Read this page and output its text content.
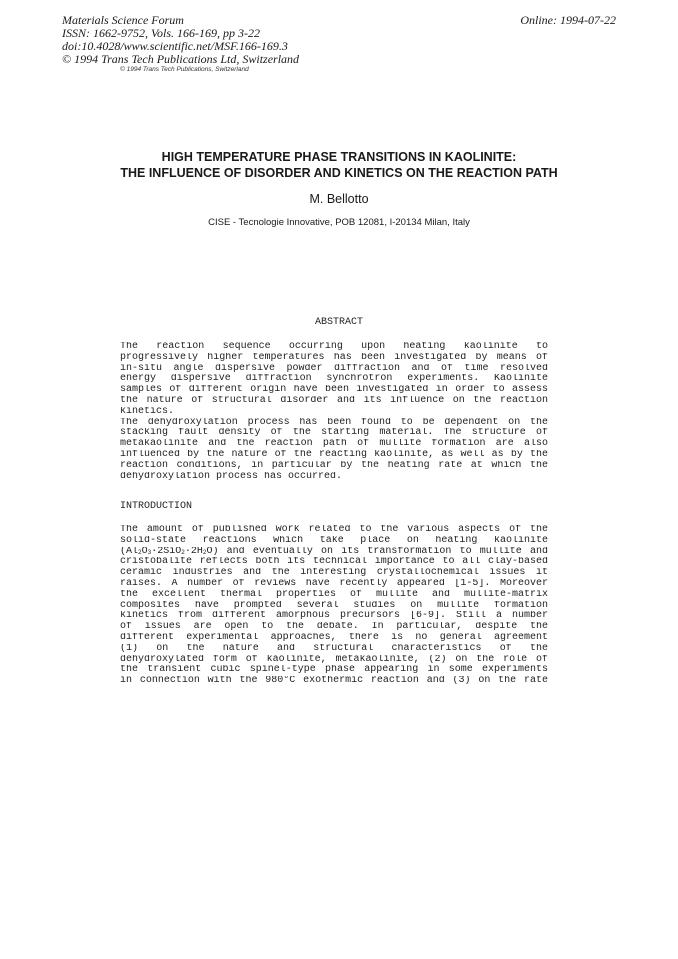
Materials Science Forum
ISSN: 1662-9752, Vols. 166-169, pp 3-22
doi:10.4028/www.scientific.net/MSF.166-169.3
© 1994 Trans Tech Publications Ltd, Switzerland
Online: 1994-07-22
© 1994 Trans Tech Publications, Switzerland
HIGH TEMPERATURE PHASE TRANSITIONS IN KAOLINITE:
THE INFLUENCE OF DISORDER AND KINETICS ON THE REACTION PATH
M. Bellotto
CISE - Tecnologie Innovative, POB 12081, I-20134 Milan, Italy
ABSTRACT
The reaction sequence occurring upon heating kaolinite to
progressively higher temperatures has been investigated by means of
in-situ angle dispersive powder diffraction and of time resolved
energy dispersive diffraction synchrotron experiments. Kaolinite
samples of different origin have been investigated in order to assess
the nature of structural disorder and its influence on the reaction
kinetics.
The dehydroxylation process has been found to be dependent on the
stacking fault density of the starting material. The structure of
metakaolinite and the reaction path of mullite formation are also
influenced by the nature of the reacting kaolinite, as well as by the
reaction conditions, in particular by the heating rate at which the
dehydroxylation process has occurred.
INTRODUCTION
The amount of published work related to the various aspects of the
solid-state reactions which take place on heating kaolinite
$(Al_2O_3\cdot 2SiO_2\cdot 2H_2O)$ and eventually on its transformation to mullite and
cristobalite reflects both its technical importance to all clay-based
ceramic industries and the interesting crystallochemical issues it
raises. A number of reviews have recently appeared [1-5]. Moreover
the excellent thermal properties of mullite and mullite-matrix
composites have prompted several studies on mullite formation
kinetics from different amorphous precursors [6-9]. Still a number
of issues are open to the debate. In particular, despite the
different experimental approaches, there is no general agreement
(1) on the nature and structural characteristics of the
dehydroxylated form of kaolinite, metakaolinite, (2) on the role of
the transient cubic spinel-type phase appearing in some experiments
in connection with the 980°C exothermic reaction and (3) on the rate
